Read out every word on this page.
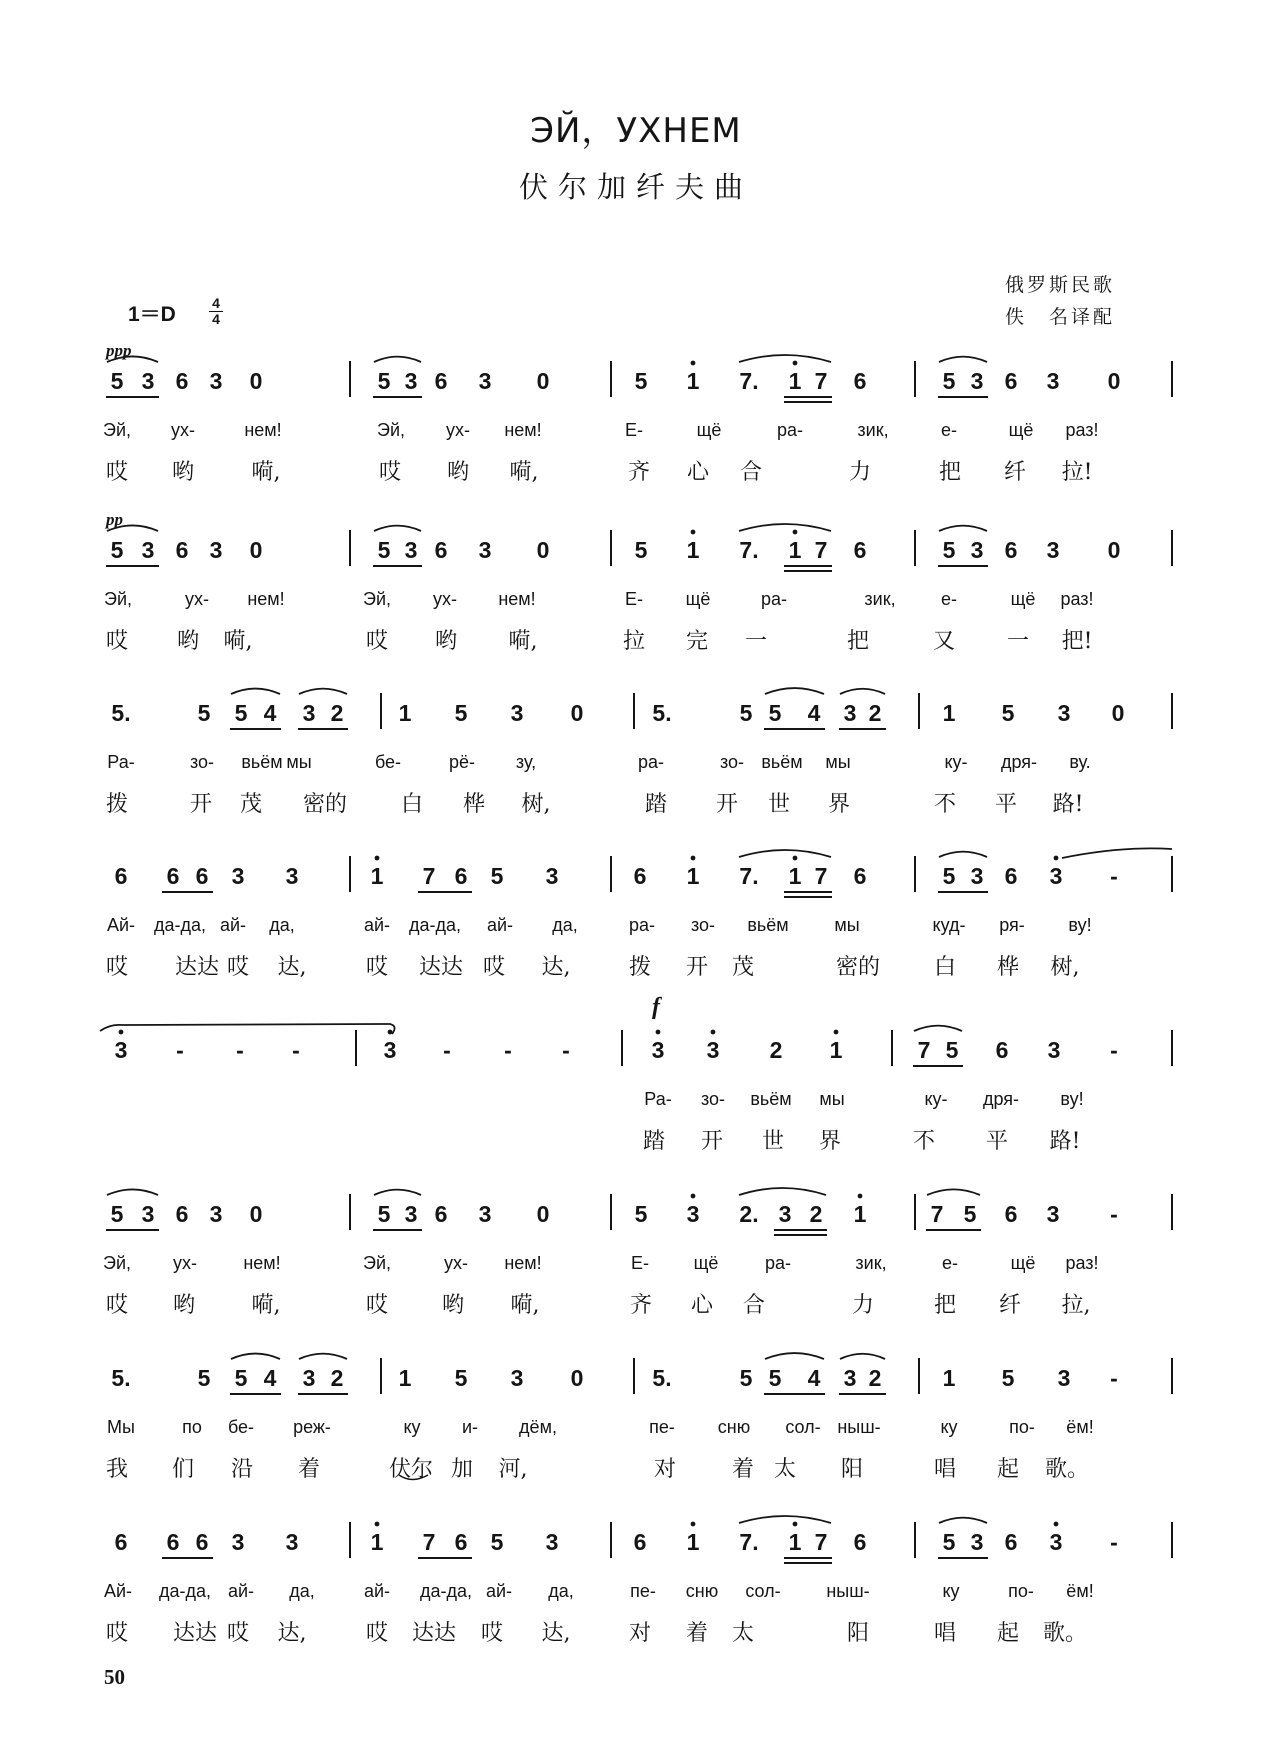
ЭЙ，УХНЕМ
伏尔加纤夫曲
俄罗斯民歌
佚　名译配
1＝D	4
4
50
ppp
5 3 6 3 0
Эй, ух-	нем!
哎 哟	嗬,
5 3 6 3 0
Эй, ух- нем!
哎 哟 嗬,
5 1 7. 1 7 6
Е-	щё	ра-	зик,
齐 心 合	力
5 3 6 3 0
е-	щё раз!
把 纤 拉!
pp
5 3 6 3 0
Эй,	ух- нем!
哎 哟 嗬,
5 3 6 3 0
Эй, ух- нем!
哎 哟 嗬,
5 1 7. 1 7 6
Е- щё	ра-	зик,
拉 完 一	把
5 3 6 3 0
е-	щё раз!
又 一 把!
5.	5 5 4 3 2
Ра-	зо- вьём мы
拨	开 茂 密的
1 5 3 0
бе-	рё- зу,
白 桦 树,
5.	5 5 4 3 2
ра-	зо- вьём мы
踏 开 世 界
1 5 3 0
ку- дря- ву.
不 平 路!
6 6 6 3 3
Ай- да-да, ай- да,
哎 达达 哎 达,
1 7 6 5 3
ай- да-да, ай- да,
哎 达达 哎 达,
6 1 7. 1 7 6
ра- зо- вьём	мы
拨 开 茂	密的
5 3 6 3	-
куд- ря- ву!
白 桦 树,
f
3	-	-	-	3	-	-	-	3 3 2 1
Ра- зо- вьём мы
踏 开 世 界
7 5 6 3	-
ку- дря- ву!
不 平 路!
5 3 6 3 0
Эй, ух-	нем!
哎 哟	嗬,
5 3 6 3 0
Эй,	ух- нем!
哎 哟 嗬,
5 3 2. 3 2 1
Е- щё	ра-	зик,
齐 心 合	力
7 5 6 3	-
е-	щё раз!
把 纤 拉,
5.	5 5 4 3 2
Мы	по бе- реж-
我 们 沿 着
1 5 3 0
ку и- дём,
伏尔 加 河,
5.	5 5 4 3 2
пе- сню сол- ныш-
对	着 太 阳
1 5 3	-
ку	по- ём!
唱 起 歌。
6 6 6 3 3
Ай- да-да, ай- да,
哎 达达 哎 达,
1 7 6 5 3
ай- да-да, ай- да,
哎 达达 哎 达,
6 1 7. 1 7 6
пе- сню сол-	ныш-
对 着 太	阳
5 3 6 3	-
ку	по- ём!
唱 起 歌。
